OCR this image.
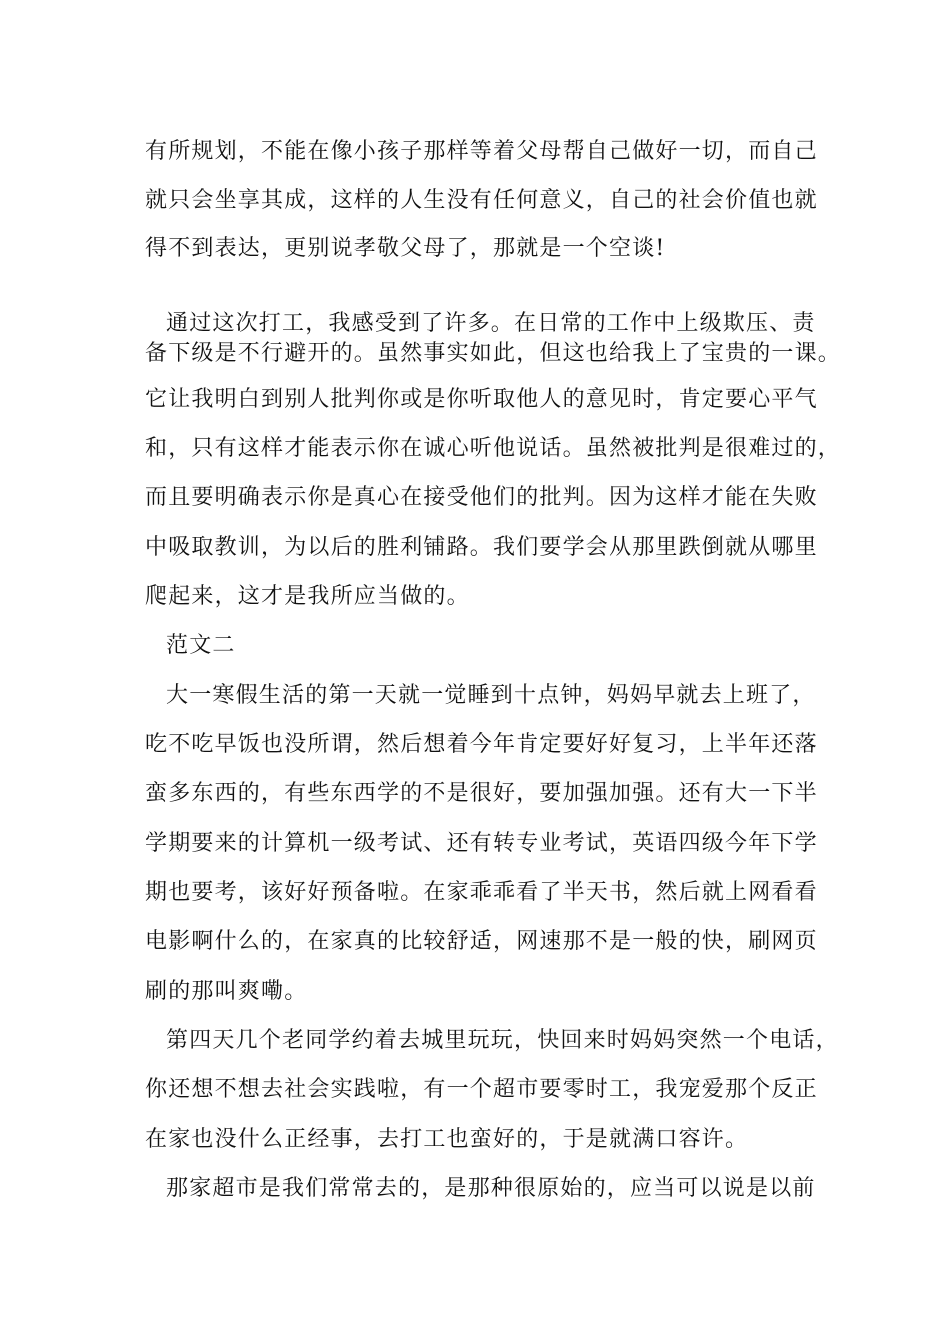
有所规划，不能在像小孩子那样等着父母帮自己做好一切，而自己
就只会坐享其成，这样的人生没有任何意义，自己的社会价值也就
得不到表达，更别说孝敬父母了，那就是一个空谈!
通过这次打工，我感受到了许多。在日常的工作中上级欺压、责
备下级是不行避开的。虽然事实如此，但这也给我上了宝贵的一课。
它让我明白到别人批判你或是你听取他人的意见时，肯定要心平气
和，只有这样才能表示你在诚心听他说话。虽然被批判是很难过的，
而且要明确表示你是真心在接受他们的批判。因为这样才能在失败
中吸取教训，为以后的胜利铺路。我们要学会从那里跌倒就从哪里
爬起来，这才是我所应当做的。
范文二
大一寒假生活的第一天就一觉睡到十点钟，妈妈早就去上班了，
吃不吃早饭也没所谓，然后想着今年肯定要好好复习，上半年还落
蛮多东西的，有些东西学的不是很好，要加强加强。还有大一下半
学期要来的计算机一级考试、还有转专业考试，英语四级今年下学
期也要考，该好好预备啦。在家乖乖看了半天书，然后就上网看看
电影啊什么的，在家真的比较舒适，网速那不是一般的快，刷网页
刷的那叫爽嘞。
第四天几个老同学约着去城里玩玩，快回来时妈妈突然一个电话，
你还想不想去社会实践啦，有一个超市要零时工，我宠爱那个反正
在家也没什么正经事，去打工也蛮好的，于是就满口容许。
那家超市是我们常常去的，是那种很原始的，应当可以说是以前
